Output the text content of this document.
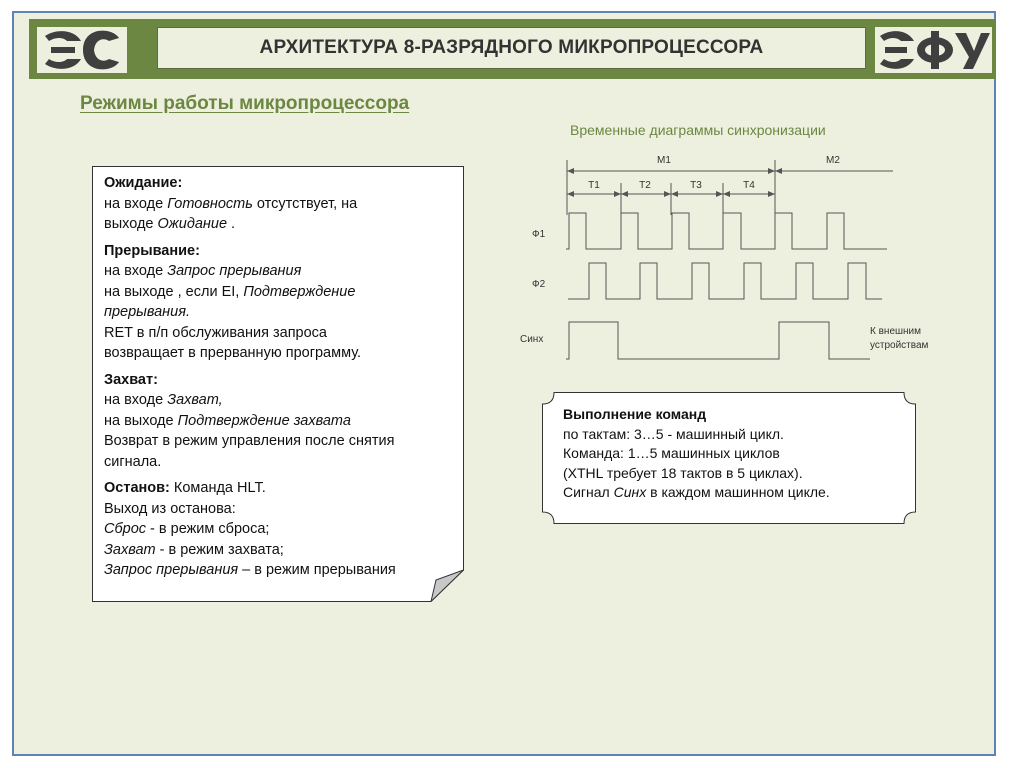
АРХИТЕКТУРА 8-РАЗРЯДНОГО МИКРОПРОЦЕССОРА
Режимы работы микропроцессора
Временные диаграммы синхронизации
M1	M2
T1	T2	T3	T4
Ф1
Ф2
Синх
К внешним
устройствам

Ожидание:
на входе Готовность отсутствует, на
выходе Ожидание .

Прерывание:
на входе Запрос прерывания
на выходе , если EI, Подтверждение
прерывания.
RET в п/п обслуживания запроса
возвращает в прерванную программу.

Захват:
на входе Захват,
на выходе Подтверждение захвата
Возврат в режим управления после снятия
сигнала.

Останов: Команда HLT.
Выход из останова:
Сброс - в режим сброса;
Захват - в режим захвата;
Запрос прерывания – в режим прерывания

Выполнение команд
по тактам: 3…5 - машинный цикл.
Команда: 1…5 машинных циклов
(XTHL требует 18 тактов в 5 циклах).
Сигнал Синх в каждом машинном цикле.
